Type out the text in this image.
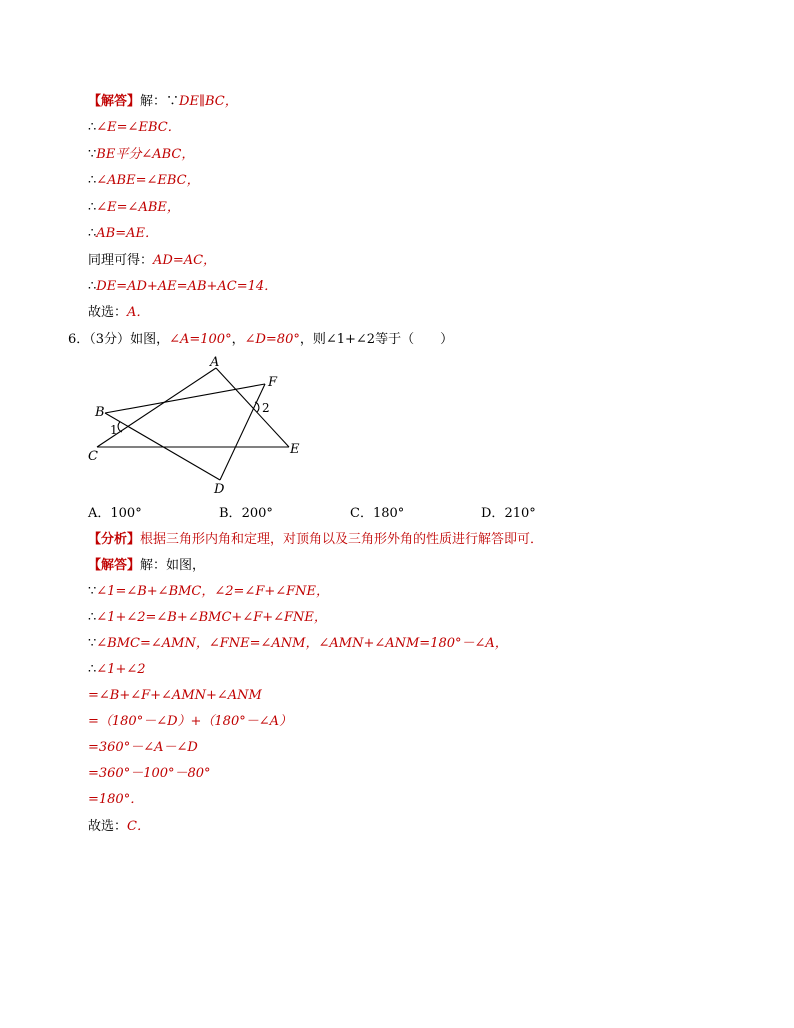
【解答】解：∵DE∥BC，
∴∠E=∠EBC．
∵BE平分∠ABC，
∴∠ABE=∠EBC，
∴∠E=∠ABE，
∴AB=AE．
同理可得：AD=AC，
∴DE=AD+AE=AB+AC=14．
故选：A．
6．（3分）如图，∠A=100°，∠D=80°，则∠1+∠2等于（　　）
A
B
C
D
E
F
1
2
A．100°	B．200°	C．180°	D．210°
【分析】根据三角形内角和定理，对顶角以及三角形外角的性质进行解答即可．
【解答】解：如图，
∵∠1=∠B+∠BMC，∠2=∠F+∠FNE，
∴∠1+∠2=∠B+∠BMC+∠F+∠FNE，
∵∠BMC=∠AMN，∠FNE=∠ANM，∠AMN+∠ANM=180°－∠A，
∴∠1+∠2
=∠B+∠F+∠AMN+∠ANM
=（180°－∠D）+（180°－∠A）
=360°－∠A－∠D
=360°－100°－80°
=180°．
故选：C．
